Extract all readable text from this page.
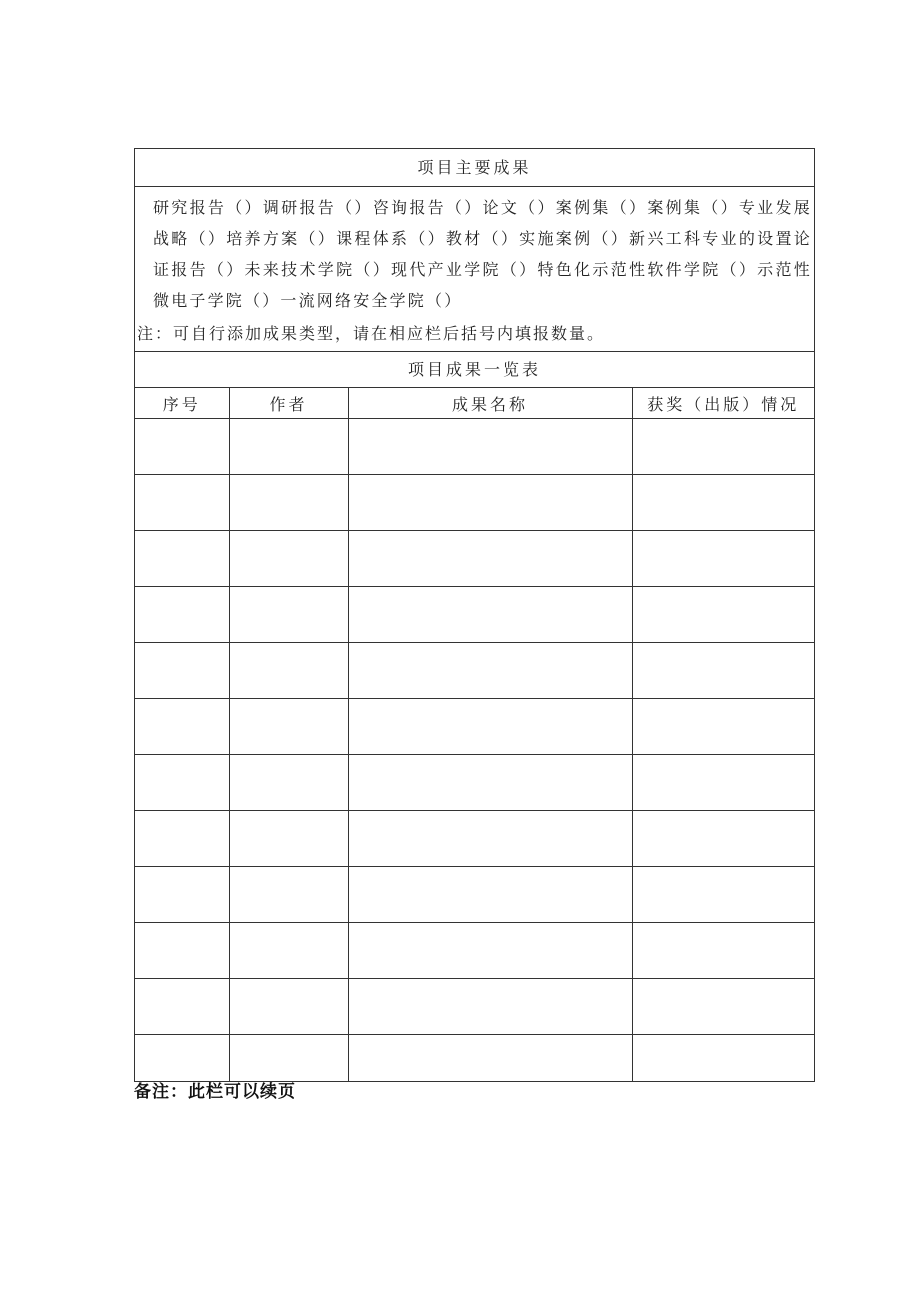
项目主要成果
研究报告（）调研报告（）咨询报告（）论文（）案例集（）案例集（）专业发展战略（）培养方案（）课程体系（）教材（）实施案例（）新兴工科专业的设置论证报告（）未来技术学院（）现代产业学院（）特色化示范性软件学院（）示范性微电子学院（）一流网络安全学院（）
注：可自行添加成果类型，请在相应栏后括号内填报数量。
项目成果一览表
序号	作者	成果名称	获奖（出版）情况

备注：此栏可以续页
